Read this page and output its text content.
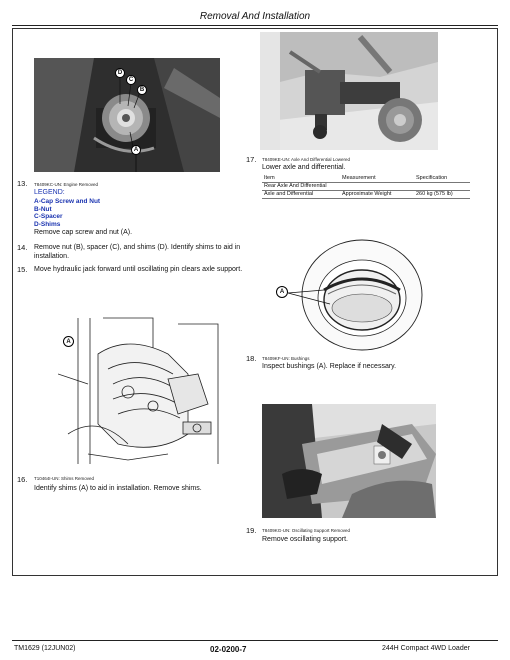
Removal And Installation
D
C
B
A
13. T8409KC-UN: Engine Removed
LEGEND:
A-Cap Screw and Nut
B-Nut
C-Spacer
D-Shims
Remove cap screw and nut (A).
14. Remove nut (B), spacer (C), and shims (D). Identify shims to aid in installation.
15. Move hydraulic jack forward until oscillating pin clears axle support.
A
16. T10464I-UN: Shims Removed
Identify shims (A) to aid in installation. Remove shims.
17. T8409KE-UN: Axle And Differential Lowered
Lower axle and differential.
Item	Measurement	Specification
Rear Axle And Differential		
Axle and Differential	Approximate Weight	260 kg (575 lb)
A
18. T8409KF-UN: Bushings
Inspect bushings (A). Replace if necessary.
19. T8409KG-UN: Oscillating Support Removed
Remove oscillating support.
TM1629 (12JUN02)	02-0200-7	244H Compact 4WD Loader
